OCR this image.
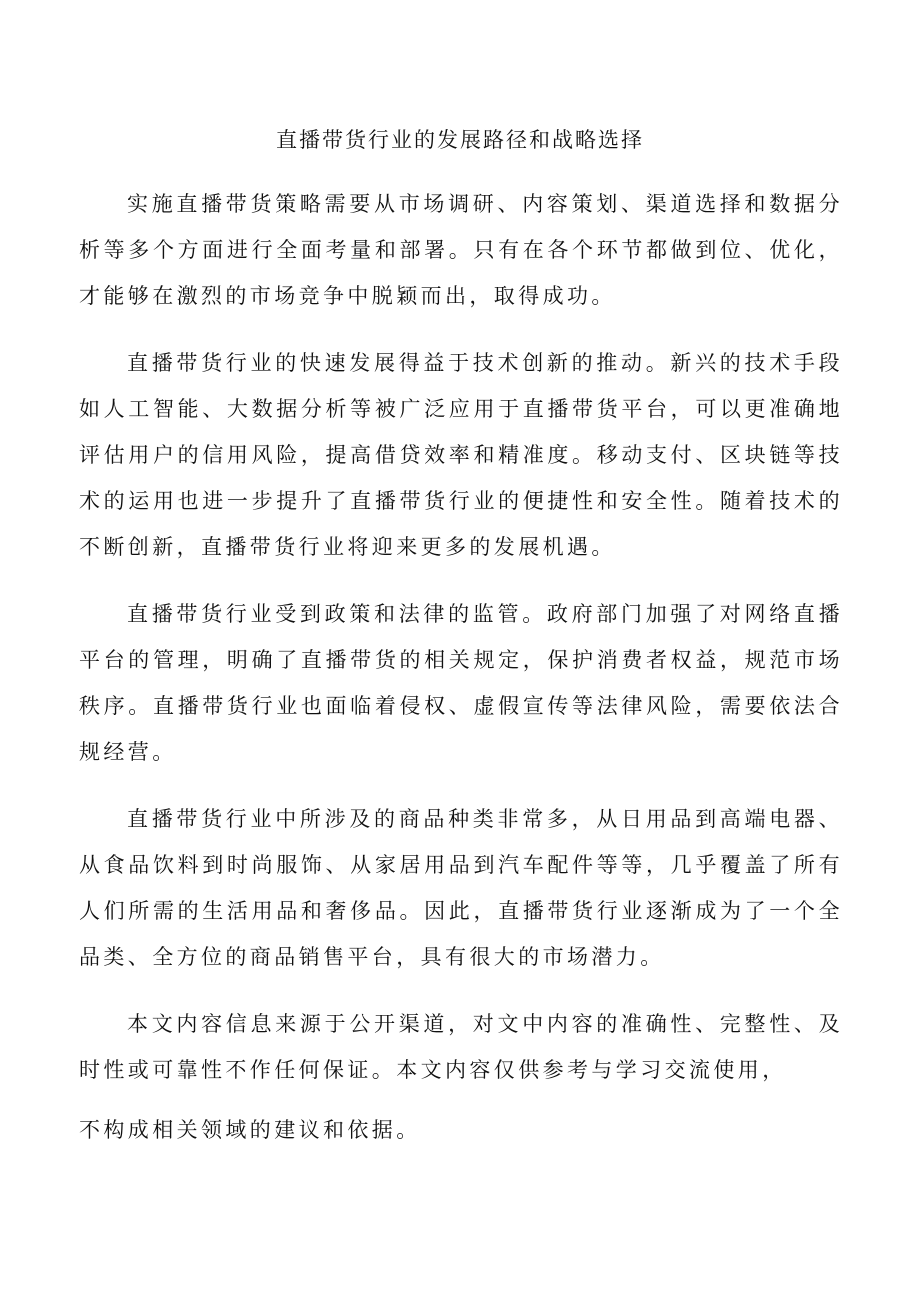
直播带货行业的发展路径和战略选择

实施直播带货策略需要从市场调研、内容策划、渠道选择和数据分析等多个方面进行全面考量和部署。只有在各个环节都做到位、优化，才能够在激烈的市场竞争中脱颖而出，取得成功。

直播带货行业的快速发展得益于技术创新的推动。新兴的技术手段如人工智能、大数据分析等被广泛应用于直播带货平台，可以更准确地评估用户的信用风险，提高借贷效率和精准度。移动支付、区块链等技术的运用也进一步提升了直播带货行业的便捷性和安全性。随着技术的不断创新，直播带货行业将迎来更多的发展机遇。

直播带货行业受到政策和法律的监管。政府部门加强了对网络直播平台的管理，明确了直播带货的相关规定，保护消费者权益，规范市场秩序。直播带货行业也面临着侵权、虚假宣传等法律风险，需要依法合规经营。

直播带货行业中所涉及的商品种类非常多，从日用品到高端电器、从食品饮料到时尚服饰、从家居用品到汽车配件等等，几乎覆盖了所有人们所需的生活用品和奢侈品。因此，直播带货行业逐渐成为了一个全品类、全方位的商品销售平台，具有很大的市场潜力。

本文内容信息来源于公开渠道，对文中内容的准确性、完整性、及时性或可靠性不作任何保证。本文内容仅供参考与学习交流使用，

不构成相关领域的建议和依据。
